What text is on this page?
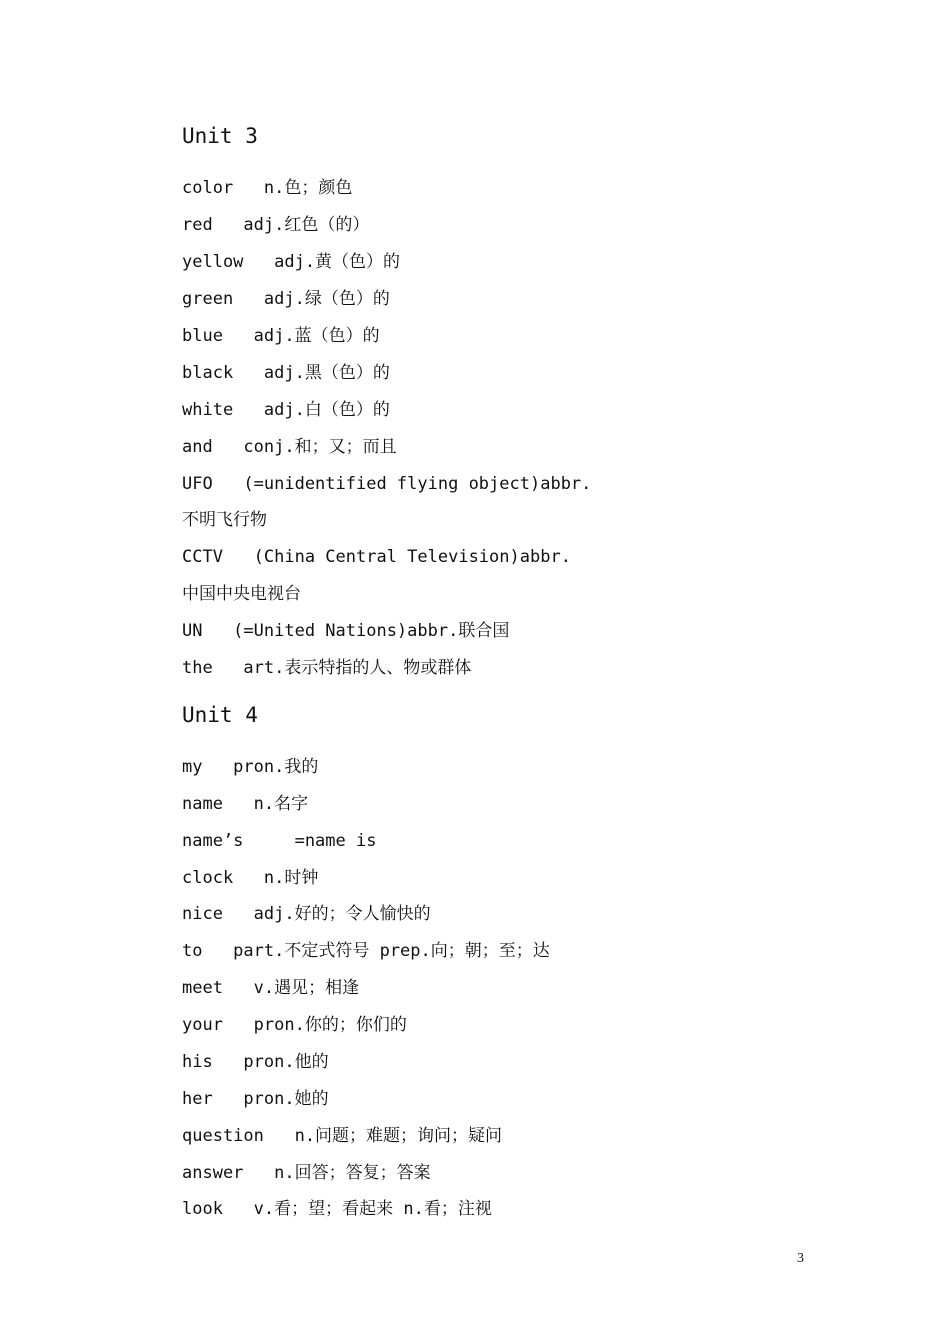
Unit 3
color   n.色；颜色
red   adj.红色（的）
yellow   adj.黄（色）的
green   adj.绿（色）的
blue   adj.蓝（色）的
black   adj.黑（色）的
white   adj.白（色）的
and   conj.和；又；而且
UFO   (=unidentified flying object)abbr.
不明飞行物
CCTV   (China Central Television)abbr.
中国中央电视台
UN   (=United Nations)abbr.联合国
the   art.表示特指的人、物或群体
Unit 4
my   pron.我的
name   n.名字
name’s     =name is
clock   n.时钟
nice   adj.好的；令人愉快的
to   part.不定式符号 prep.向；朝；至；达
meet   v.遇见；相逢
your   pron.你的；你们的
his   pron.他的
her   pron.她的
question   n.问题；难题；询问；疑问
answer   n.回答；答复；答案
look   v.看；望；看起来 n.看；注视
3
